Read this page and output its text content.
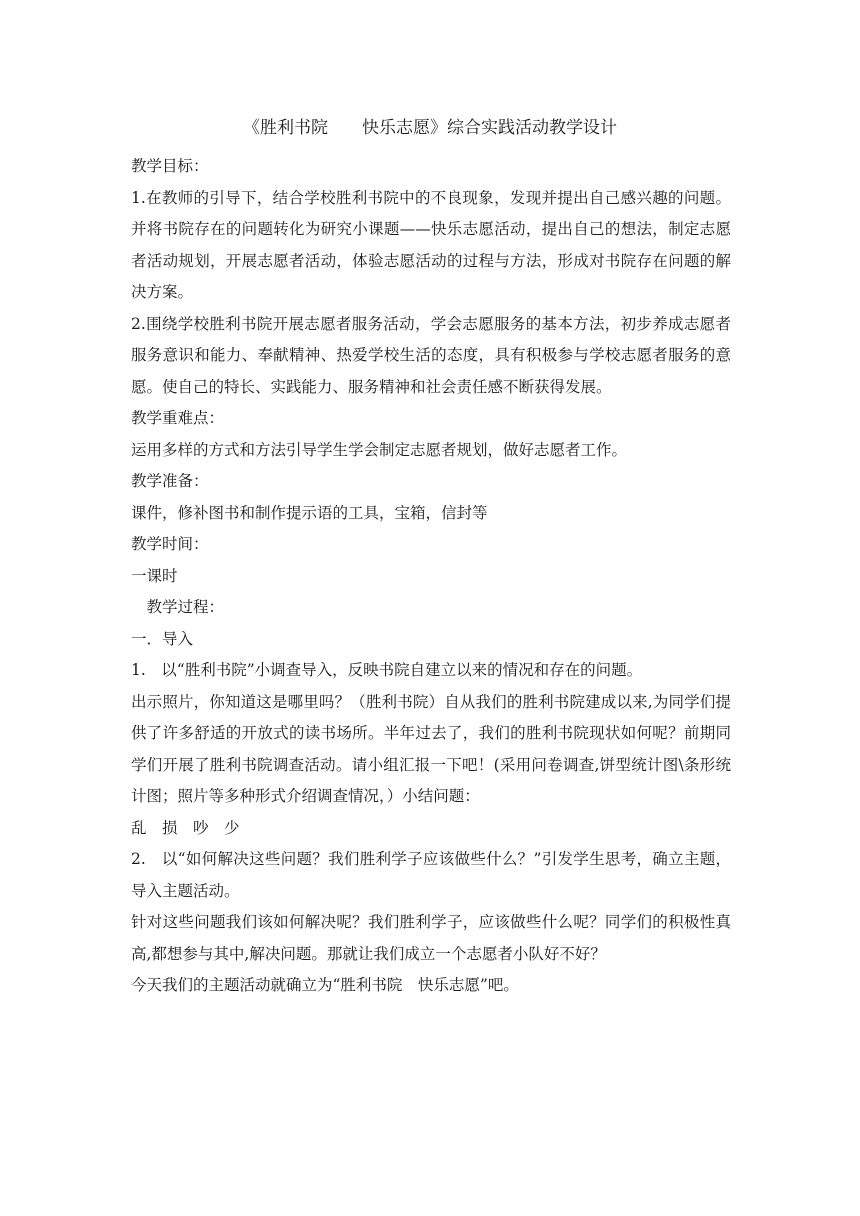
《胜利书院　　快乐志愿》综合实践活动教学设计

教学目标：

1.在教师的引导下，结合学校胜利书院中的不良现象，发现并提出自己感兴趣的问题。并将书院存在的问题转化为研究小课题——快乐志愿活动，提出自己的想法，制定志愿者活动规划，开展志愿者活动，体验志愿活动的过程与方法，形成对书院存在问题的解决方案。

2.围绕学校胜利书院开展志愿者服务活动，学会志愿服务的基本方法，初步养成志愿者服务意识和能力、奉献精神、热爱学校生活的态度，具有积极参与学校志愿者服务的意愿。使自己的特长、实践能力、服务精神和社会责任感不断获得发展。

教学重难点：

运用多样的方式和方法引导学生学会制定志愿者规划，做好志愿者工作。

教学准备：

课件，修补图书和制作提示语的工具，宝箱，信封等

教学时间：

一课时

　教学过程：

一．导入

1.　以“胜利书院”小调查导入，反映书院自建立以来的情况和存在的问题。

出示照片，你知道这是哪里吗？（胜利书院）自从我们的胜利书院建成以来,为同学们提供了许多舒适的开放式的读书场所。半年过去了，我们的胜利书院现状如何呢？前期同学们开展了胜利书院调查活动。请小组汇报一下吧！(采用问卷调查,饼型统计图\条形统计图；照片等多种形式介绍调查情况，）小结问题：

乱　损　吵　少

2.　以“如何解决这些问题？我们胜利学子应该做些什么？”引发学生思考，确立主题，导入主题活动。

针对这些问题我们该如何解决呢？我们胜利学子，应该做些什么呢？同学们的积极性真高,都想参与其中,解决问题。那就让我们成立一个志愿者小队好不好？

今天我们的主题活动就确立为“胜利书院　快乐志愿”吧。
